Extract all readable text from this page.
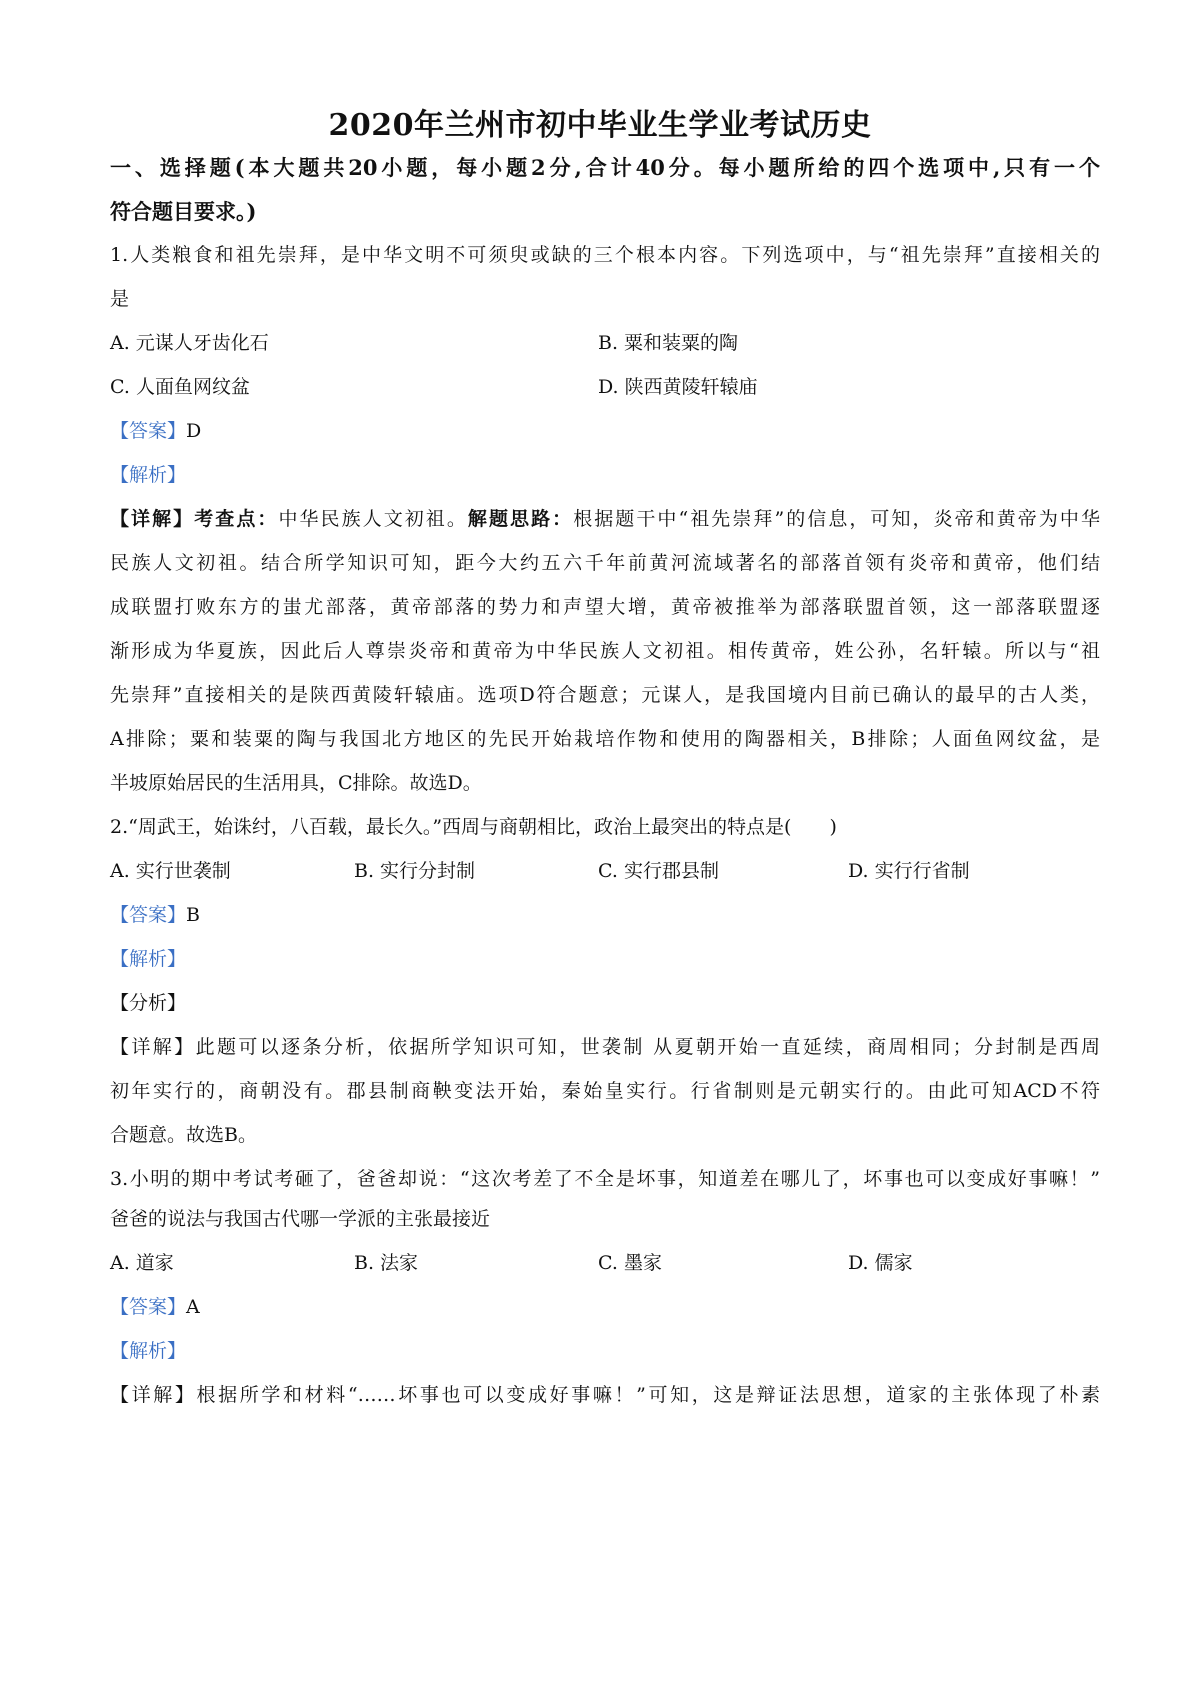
2020年兰州市初中毕业生学业考试历史
一、选择题(本大题共20小题，每小题2分,合计40分。每小题所给的四个选项中,只有一个
符合题目要求。)
1.人类粮食和祖先崇拜，是中华文明不可须臾或缺的三个根本内容。下列选项中，与“祖先崇拜”直接相关的
是
A. 元谋人牙齿化石	B. 粟和装粟的陶
C. 人面鱼网纹盆	D. 陕西黄陵轩辕庙
【答案】D
【解析】
【详解】考查点：中华民族人文初祖。解题思路：根据题干中“祖先崇拜”的信息，可知，炎帝和黄帝为中华
民族人文初祖。结合所学知识可知，距今大约五六千年前黄河流域著名的部落首领有炎帝和黄帝，他们结
成联盟打败东方的蚩尤部落，黄帝部落的势力和声望大增，黄帝被推举为部落联盟首领，这一部落联盟逐
渐形成为华夏族，因此后人尊崇炎帝和黄帝为中华民族人文初祖。相传黄帝，姓公孙，名轩辕。所以与“祖
先崇拜”直接相关的是陕西黄陵轩辕庙。选项D符合题意；元谋人，是我国境内目前已确认的最早的古人类，
A排除；粟和装粟的陶与我国北方地区的先民开始栽培作物和使用的陶器相关，B排除；人面鱼网纹盆，是
半坡原始居民的生活用具，C排除。故选D。
2.“周武王，始诛纣，八百载，最长久。”西周与商朝相比，政治上最突出的特点是(　　)
A. 实行世袭制	B. 实行分封制	C. 实行郡县制	D. 实行行省制
【答案】B
【解析】
【分析】
【详解】此题可以逐条分析，依据所学知识可知，世袭制 从夏朝开始一直延续，商周相同；分封制是西周
初年实行的，商朝没有。郡县制商鞅变法开始，秦始皇实行。行省制则是元朝实行的。由此可知ACD不符
合题意。故选B。
3.小明的期中考试考砸了，爸爸却说：“这次考差了不全是坏事，知道差在哪儿了，坏事也可以变成好事嘛！”
爸爸的说法与我国古代哪一学派的主张最接近
A. 道家	B. 法家	C. 墨家	D. 儒家
【答案】A
【解析】
【详解】根据所学和材料“……坏事也可以变成好事嘛！”可知，这是辩证法思想，道家的主张体现了朴素
